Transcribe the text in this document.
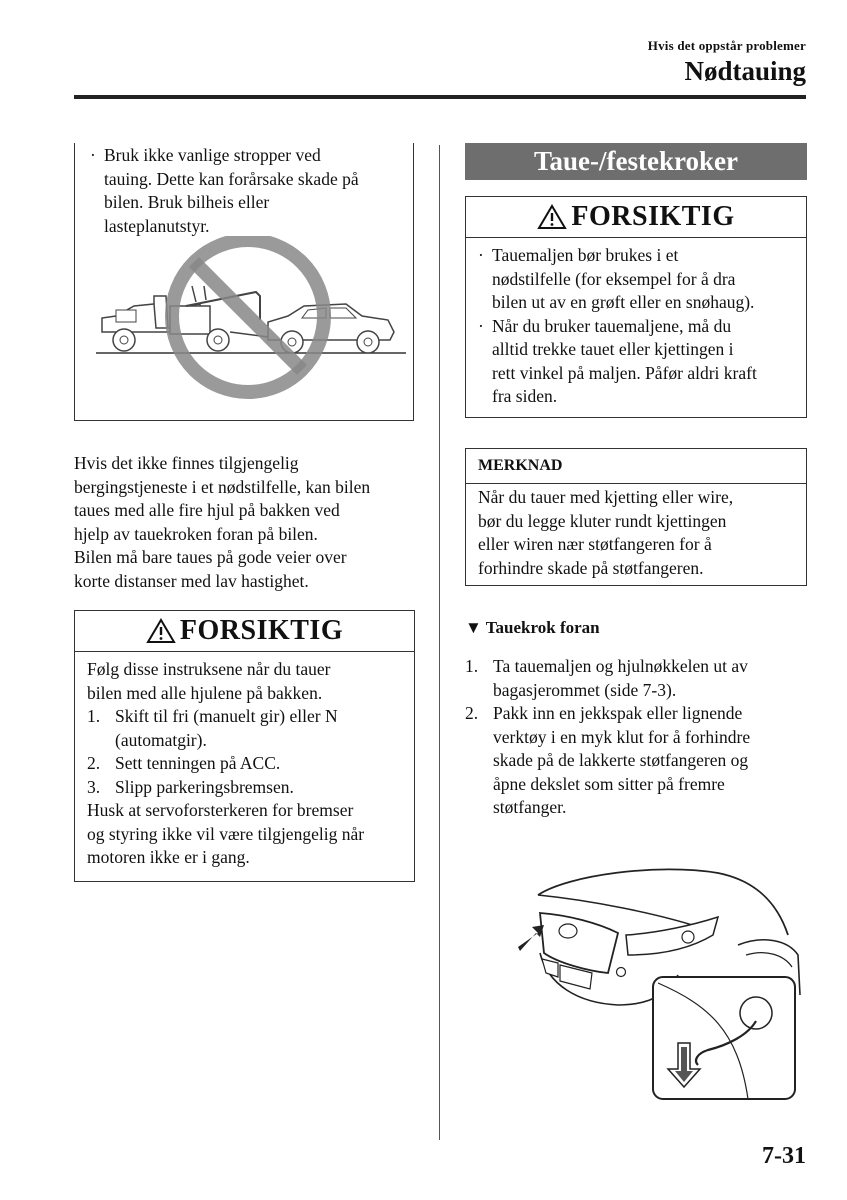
Hvis det oppstår problemer
Nødtauing
· Bruk ikke vanlige stropper ved
tauing. Dette kan forårsake skade på
bilen. Bruk bilheis eller
lasteplanutstyr.
Hvis det ikke finnes tilgjengelig
bergingstjeneste i et nødstilfelle, kan bilen
taues med alle fire hjul på bakken ved
hjelp av tauekroken foran på bilen.
Bilen må bare taues på gode veier over
korte distanser med lav hastighet.
FORSIKTIG
Følg disse instruksene når du tauer
bilen med alle hjulene på bakken.
1. Skift til fri (manuelt gir) eller N
(automatgir).
2. Sett tenningen på ACC.
3. Slipp parkeringsbremsen.
Husk at servoforsterkeren for bremser
og styring ikke vil være tilgjengelig når
motoren ikke er i gang.
Taue-/festekroker
FORSIKTIG
· Tauemaljen bør brukes i et
nødstilfelle (for eksempel for å dra
bilen ut av en grøft eller en snøhaug).
· Når du bruker tauemaljene, må du
alltid trekke tauet eller kjettingen i
rett vinkel på maljen. Påfør aldri kraft
fra siden.
MERKNAD
Når du tauer med kjetting eller wire,
bør du legge kluter rundt kjettingen
eller wiren nær støtfangeren for å
forhindre skade på støtfangeren.
▼ Tauekrok foran
1. Ta tauemaljen og hjulnøkkelen ut av
bagasjerommet (side 7-3).
2. Pakk inn en jekkspak eller lignende
verktøy i en myk klut for å forhindre
skade på de lakkerte støtfangeren og
åpne dekslet som sitter på fremre
støtfanger.
7-31
